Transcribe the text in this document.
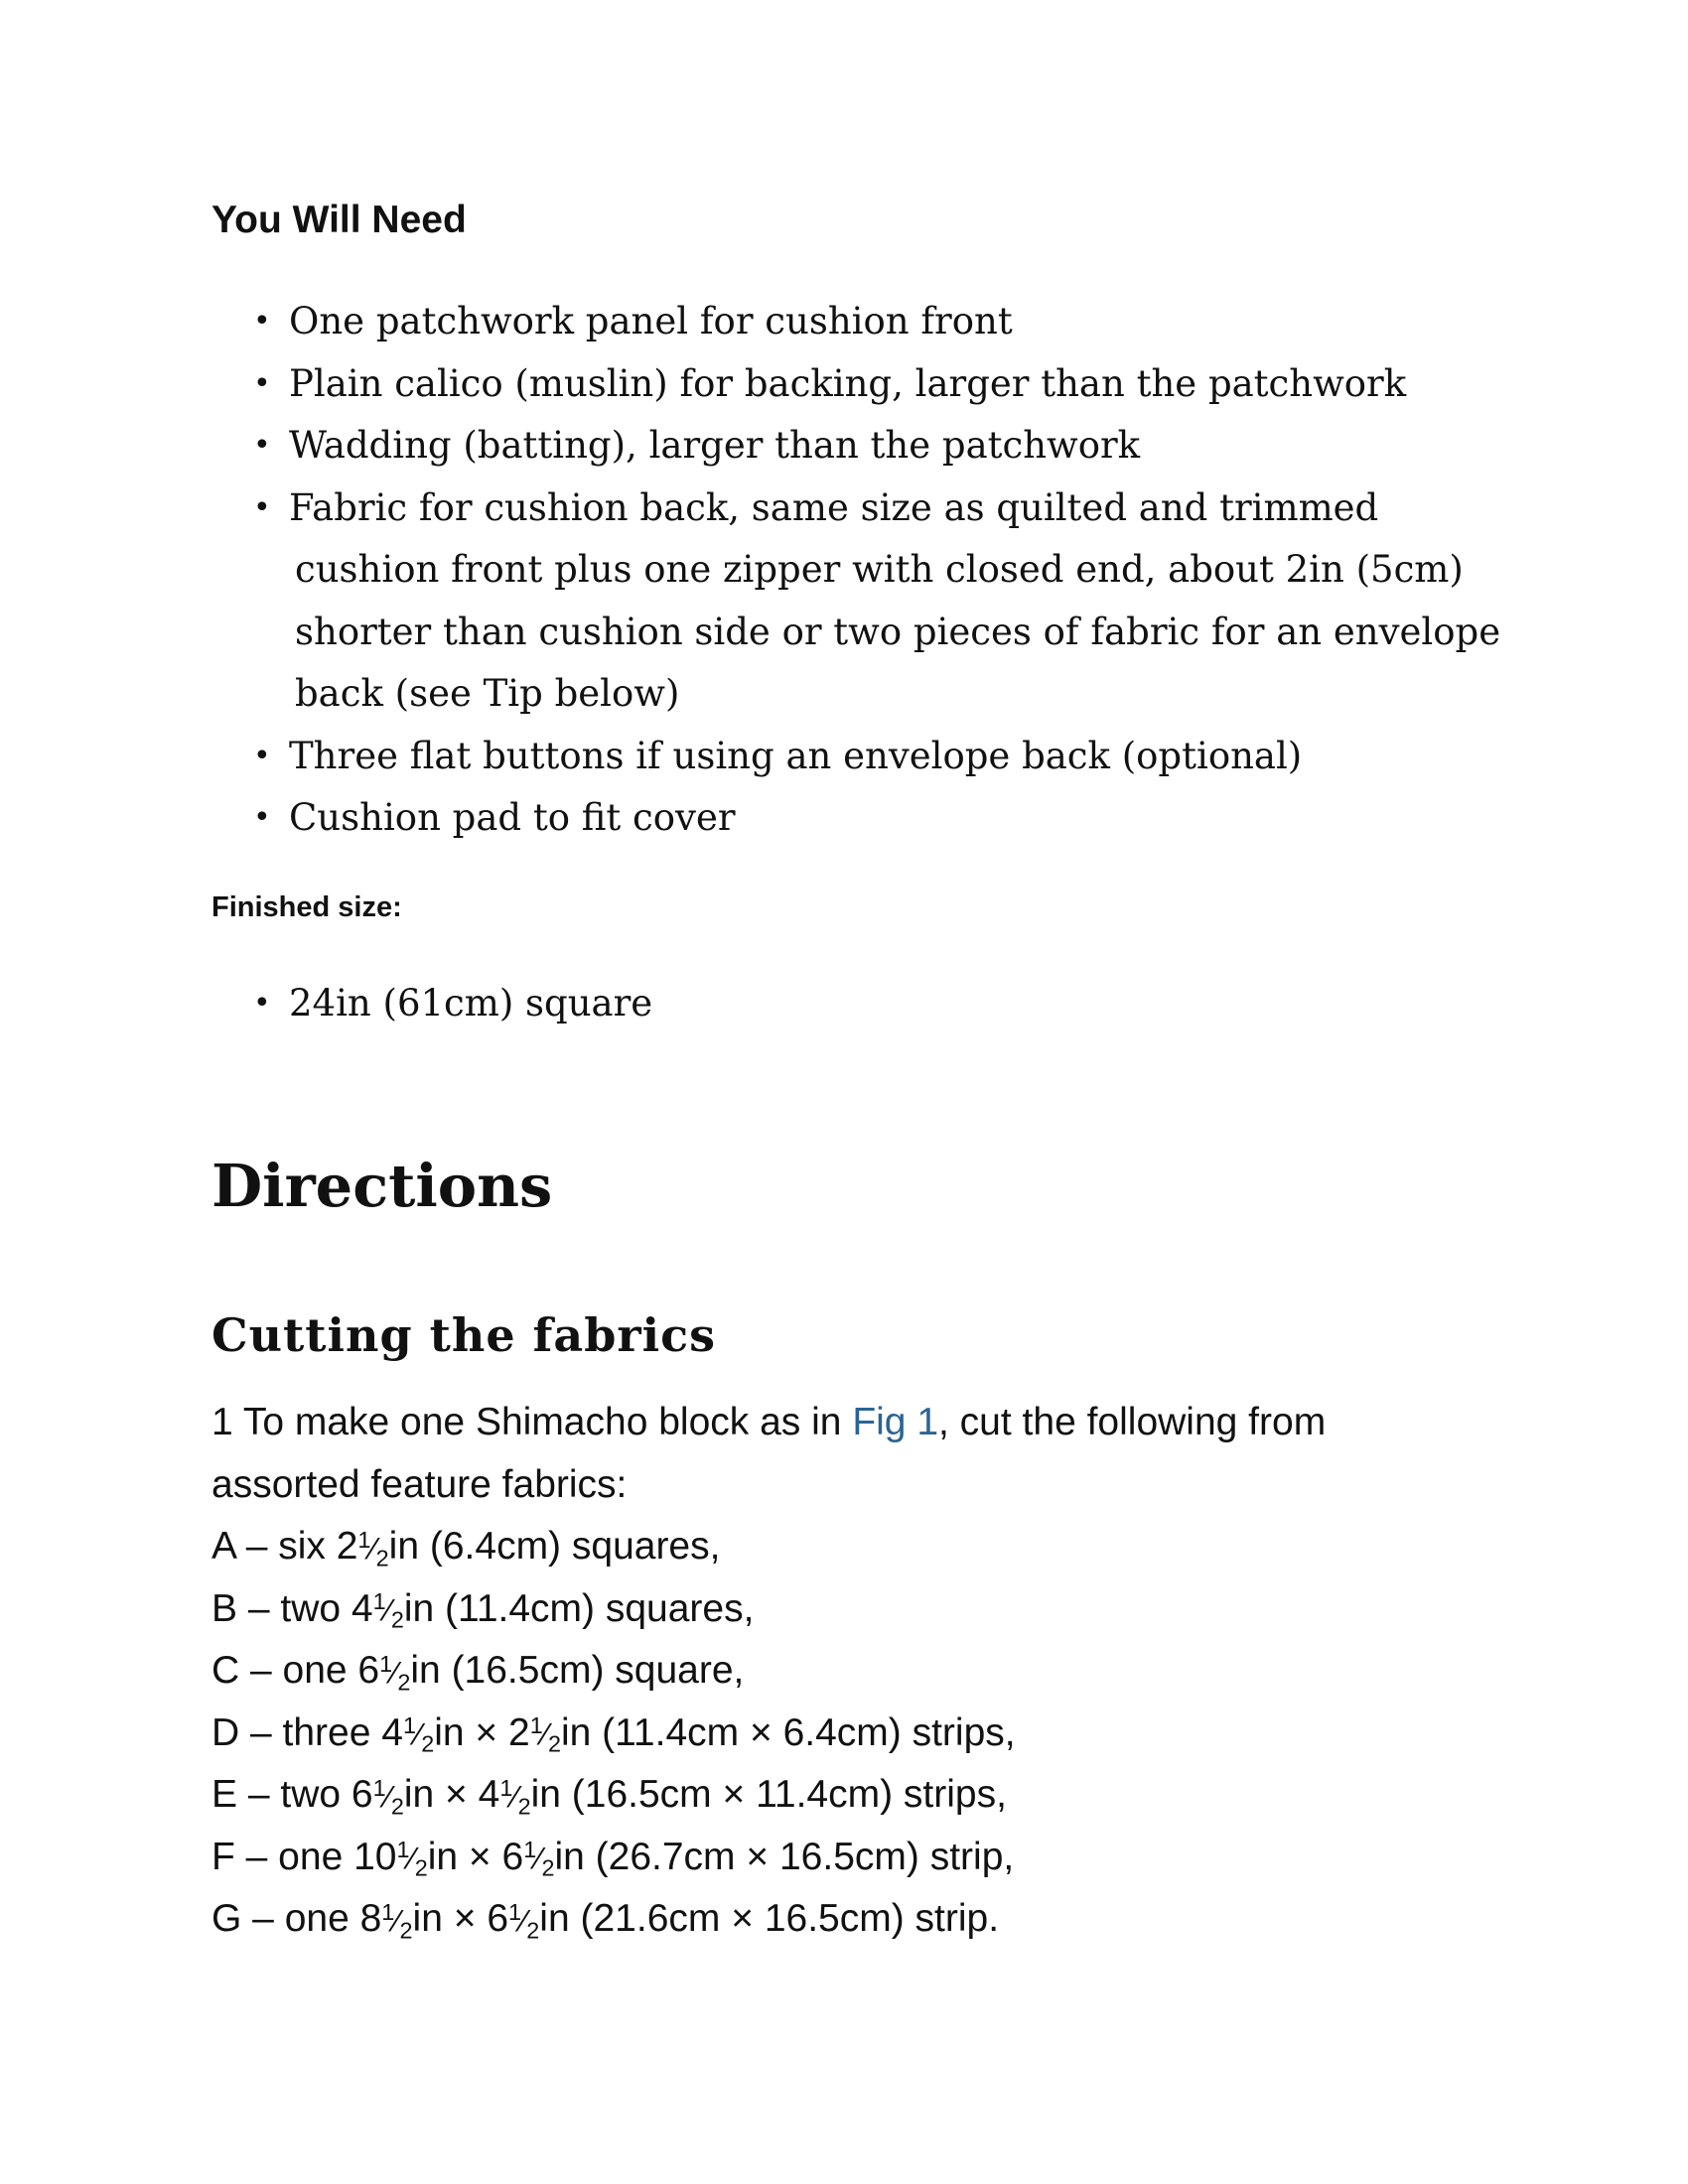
You Will Need
• One patchwork panel for cushion front
• Plain calico (muslin) for backing, larger than the patchwork
• Wadding (batting), larger than the patchwork
• Fabric for cushion back, same size as quilted and trimmed
cushion front plus one zipper with closed end, about 2in (5cm)
shorter than cushion side or two pieces of fabric for an envelope
back (see Tip below)
• Three flat buttons if using an envelope back (optional)
• Cushion pad to fit cover
Finished size:
• 24in (61cm) square
Directions
Cutting the fabrics
1 To make one Shimacho block as in Fig 1, cut the following from
assorted feature fabrics:
A – six $2^1⁄_2in$ (6.4cm) squares,
B – two $4^1⁄_2in$ (11.4cm) squares,
C – one $6^1⁄_2in$ (16.5cm) square,
D – three $4^1⁄_2in$ × $2^1⁄_2in$ (11.4cm × 6.4cm) strips,
E – two $6^1⁄_2in$ × $4^1⁄_2in$ (16.5cm × 11.4cm) strips,
F – one $10^1⁄_2in$ × $6^1⁄_2in$ (26.7cm × 16.5cm) strip,
G – one $8^1⁄_2in$ × $6^1⁄_2in$ (21.6cm × 16.5cm) strip.
